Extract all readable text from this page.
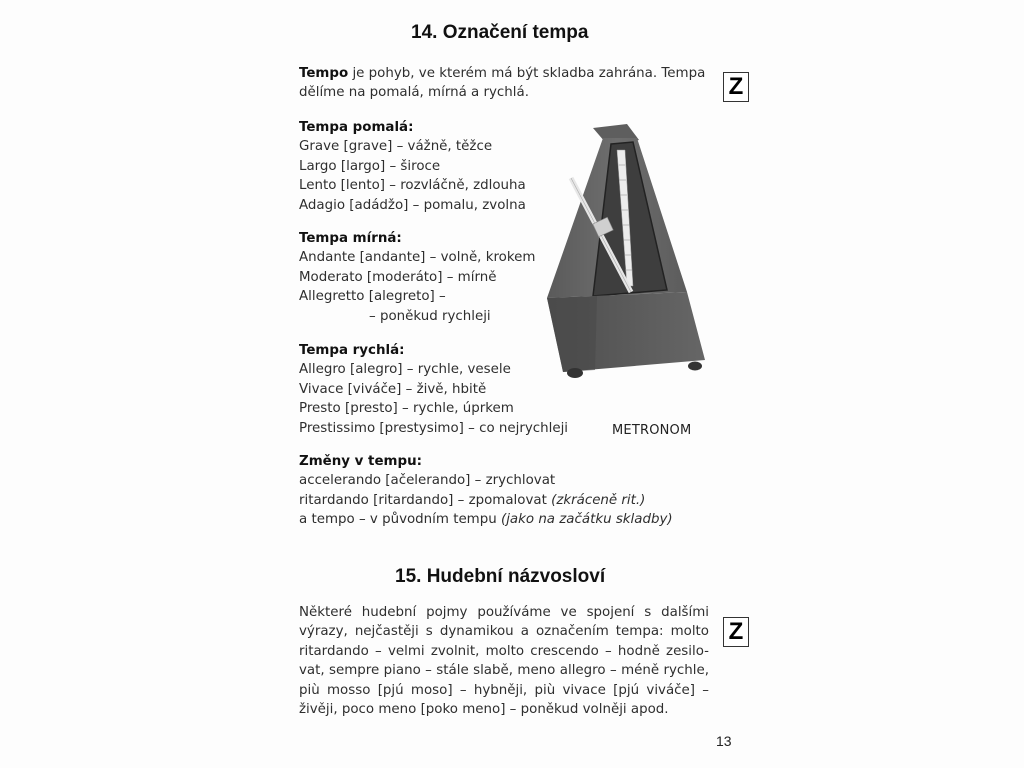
14. Označení tempa
Z
Tempo je pohyb, ve kterém má být skladba zahrána. Tempa
dělíme na pomalá, mírná a rychlá.
Tempa pomalá:
Grave [grave] – vážně, těžce
Largo [largo] – široce
Lento [lento] – rozvláčně, zdlouha
Adagio [adádžo] – pomalu, zvolna
Tempa mírná:
Andante [andante] – volně, krokem
Moderato [moderáto] – mírně
Allegretto [alegreto] –
– poněkud rychleji
Tempa rychlá:
Allegro [alegro] – rychle, vesele
Vivace [viváče] – živě, hbitě
Presto [presto] – rychle, úprkem
Prestissimo [prestysimo] – co nejrychleji
Změny v tempu:
accelerando [ačelerando] – zrychlovat
ritardando [ritardando] – zpomalovat (zkráceně rit.)
a tempo – v původním tempu (jako na začátku skladby)
METRONOM
15. Hudební názvosloví
Z
Některé hudební pojmy používáme ve spojení s dalšími
výrazy, nejčastěji s dynamikou a označením tempa: molto
ritardando – velmi zvolnit, molto crescendo – hodně zesilo-
vat, sempre piano – stále slabě, meno allegro – méně rychle,
più mosso [pjú moso] – hybněji, più vivace [pjú viváče] –
živěji, poco meno [poko meno] – poněkud volněji apod.
13
